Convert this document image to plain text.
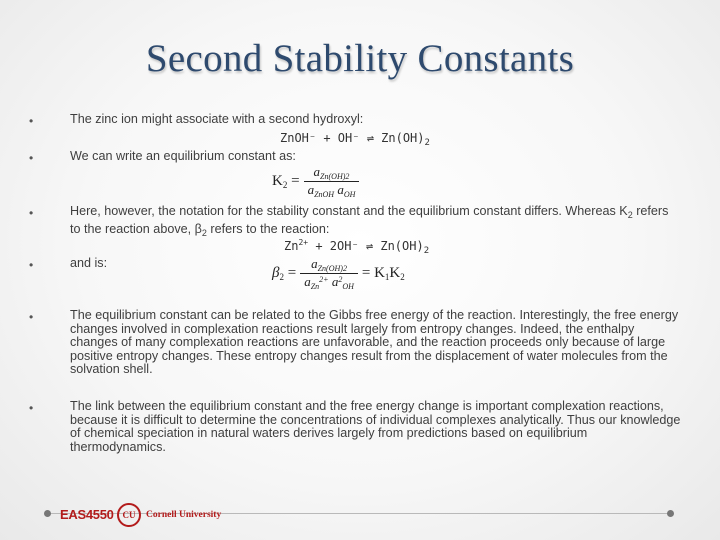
Second Stability Constants
•	The zinc ion might associate with a second hydroxyl:
ZnOH⁻ + OH⁻ ⇌ $Zn(OH)_2$
•	We can write an equilibrium constant as:
$K_2 = \frac{a_{Zn(OH)2}}{a_{ZnOH} a_{OH}}$
•	Here, however, the notation for the stability constant and the equilibrium constant differs. Whereas $K_2$ refers to the reaction above, $\beta_2$ refers to the reaction:
$Zn^{2+} + 2OH^-$ ⇌ $Zn(OH)_2$
•	and is:
$\beta_2 = \frac{a_{Zn(OH)2}}{a_{Zn}^{2+} a^2_{OH}} = K_1K_2$
•	The equilibrium constant can be related to the Gibbs free energy of the reaction. Interestingly, the free energy changes involved in complexation reactions result largely from entropy changes. Indeed, the enthalpy changes of many complexation reactions are unfavorable, and the reaction proceeds only because of large positive entropy changes. These entropy changes result from the displacement of water molecules from the solvation shell.
•	The link between the equilibrium constant and the free energy change is important complexation reactions, because it is difficult to determine the concentrations of individual complexes analytically. Thus our knowledge of chemical speciation in natural waters derives largely from predictions based on equilibrium thermodynamics.
EAS4550 CU	Cornell University
